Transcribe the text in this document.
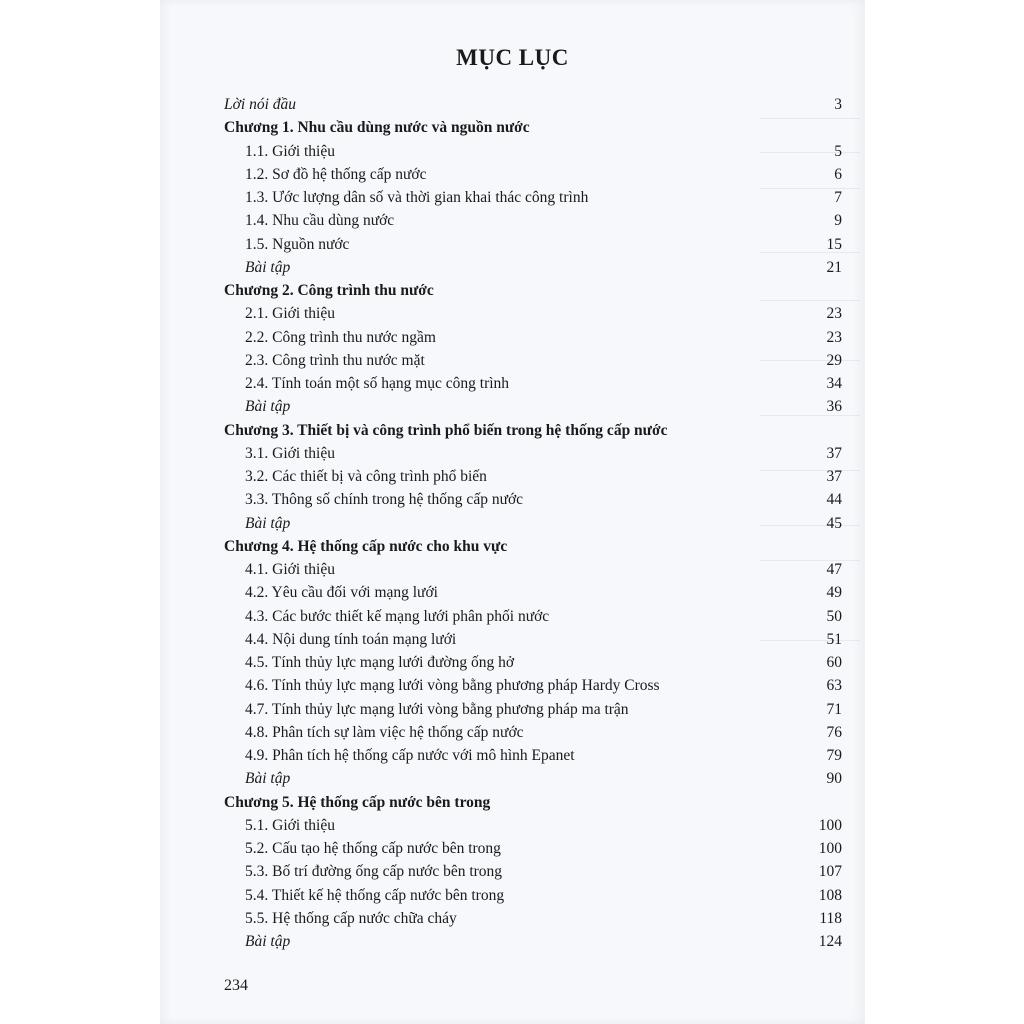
MỤC LỤC
Lời nói đầu	3
Chương 1. Nhu cầu dùng nước và nguồn nước
1.1. Giới thiệu	5
1.2. Sơ đồ hệ thống cấp nước	6
1.3. Ước lượng dân số và thời gian khai thác công trình	7
1.4. Nhu cầu dùng nước	9
1.5. Nguồn nước	15
Bài tập	21
Chương 2. Công trình thu nước
2.1. Giới thiệu	23
2.2. Công trình thu nước ngầm	23
2.3. Công trình thu nước mặt	29
2.4. Tính toán một số hạng mục công trình	34
Bài tập	36
Chương 3. Thiết bị và công trình phổ biến trong hệ thống cấp nước
3.1. Giới thiệu	37
3.2. Các thiết bị và công trình phổ biến	37
3.3. Thông số chính trong hệ thống cấp nước	44
Bài tập	45
Chương 4. Hệ thống cấp nước cho khu vực
4.1. Giới thiệu	47
4.2. Yêu cầu đối với mạng lưới	49
4.3. Các bước thiết kế mạng lưới phân phối nước	50
4.4. Nội dung tính toán mạng lưới	51
4.5. Tính thủy lực mạng lưới đường ống hở	60
4.6. Tính thủy lực mạng lưới vòng bằng phương pháp Hardy Cross	63
4.7. Tính thủy lực mạng lưới vòng bằng phương pháp ma trận	71
4.8. Phân tích sự làm việc hệ thống cấp nước	76
4.9. Phân tích hệ thống cấp nước với mô hình Epanet	79
Bài tập	90
Chương 5. Hệ thống cấp nước bên trong
5.1. Giới thiệu	100
5.2. Cấu tạo hệ thống cấp nước bên trong	100
5.3. Bố trí đường ống cấp nước bên trong	107
5.4. Thiết kế hệ thống cấp nước bên trong	108
5.5. Hệ thống cấp nước chữa cháy	118
Bài tập	124
234
